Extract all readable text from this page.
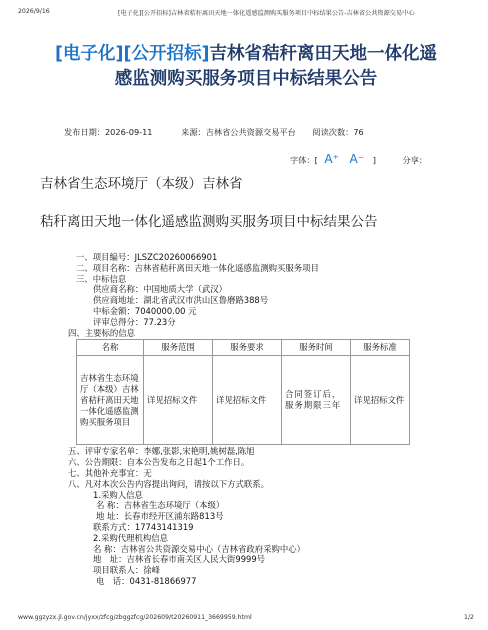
2026/9/16	[电子化][公开招标]吉林省秸秆离田天地一体化遥感监测购买服务项目中标结果公告-吉林省公共资源交易中心
[电子化][公开招标]吉林省秸秆离田天地一体化遥
感监测购买服务项目中标结果公告
发布日期：2026-09-11	来源：吉林省公共资源交易平台 阅读次数：76
字体：[ A⁺ A⁻ ]	分享：
吉林省生态环境厅（本级）吉林省
秸秆离田天地一体化遥感监测购买服务项目中标结果公告
一、项目编号：JLSZC20260066901
二、项目名称：吉林省秸秆离田天地一体化遥感监测购买服务项目
三、中标信息
供应商名称：中国地质大学（武汉）
供应商地址：湖北省武汉市洪山区鲁磨路388号
中标金额：7040000.00 元
评审总得分：77.23分
四、主要标的信息
名称	服务范围	服务要求	服务时间	服务标准
吉林省生态环境厅（本级）吉林省秸秆离田天地一体化遥感监测购买服务项目	详见招标文件	详见招标文件	合同签订后，服务期限三年	详见招标文件
五、评审专家名单：李娜,张影,宋艳明,姚树磊,陈旭
六、公告期限：自本公告发布之日起1个工作日。
七、其他补充事宜：无
八、凡对本次公告内容提出询问，请按以下方式联系。
1.采购人信息
名 称：吉林省生态环境厅（本级）
地 址：长春市经开区浦东路813号
联系方式：17743141319
2.采购代理机构信息
名 称：吉林省公共资源交易中心（吉林省政府采购中心）
地　址：吉林省长春市南关区人民大街9999号
项目联系人：徐峰
电　话：0431-81866977
www.ggzyzx.jl.gov.cn/jyxx/zfcg/zbggzfcg/202609/t20260911_3669959.html	1/2
